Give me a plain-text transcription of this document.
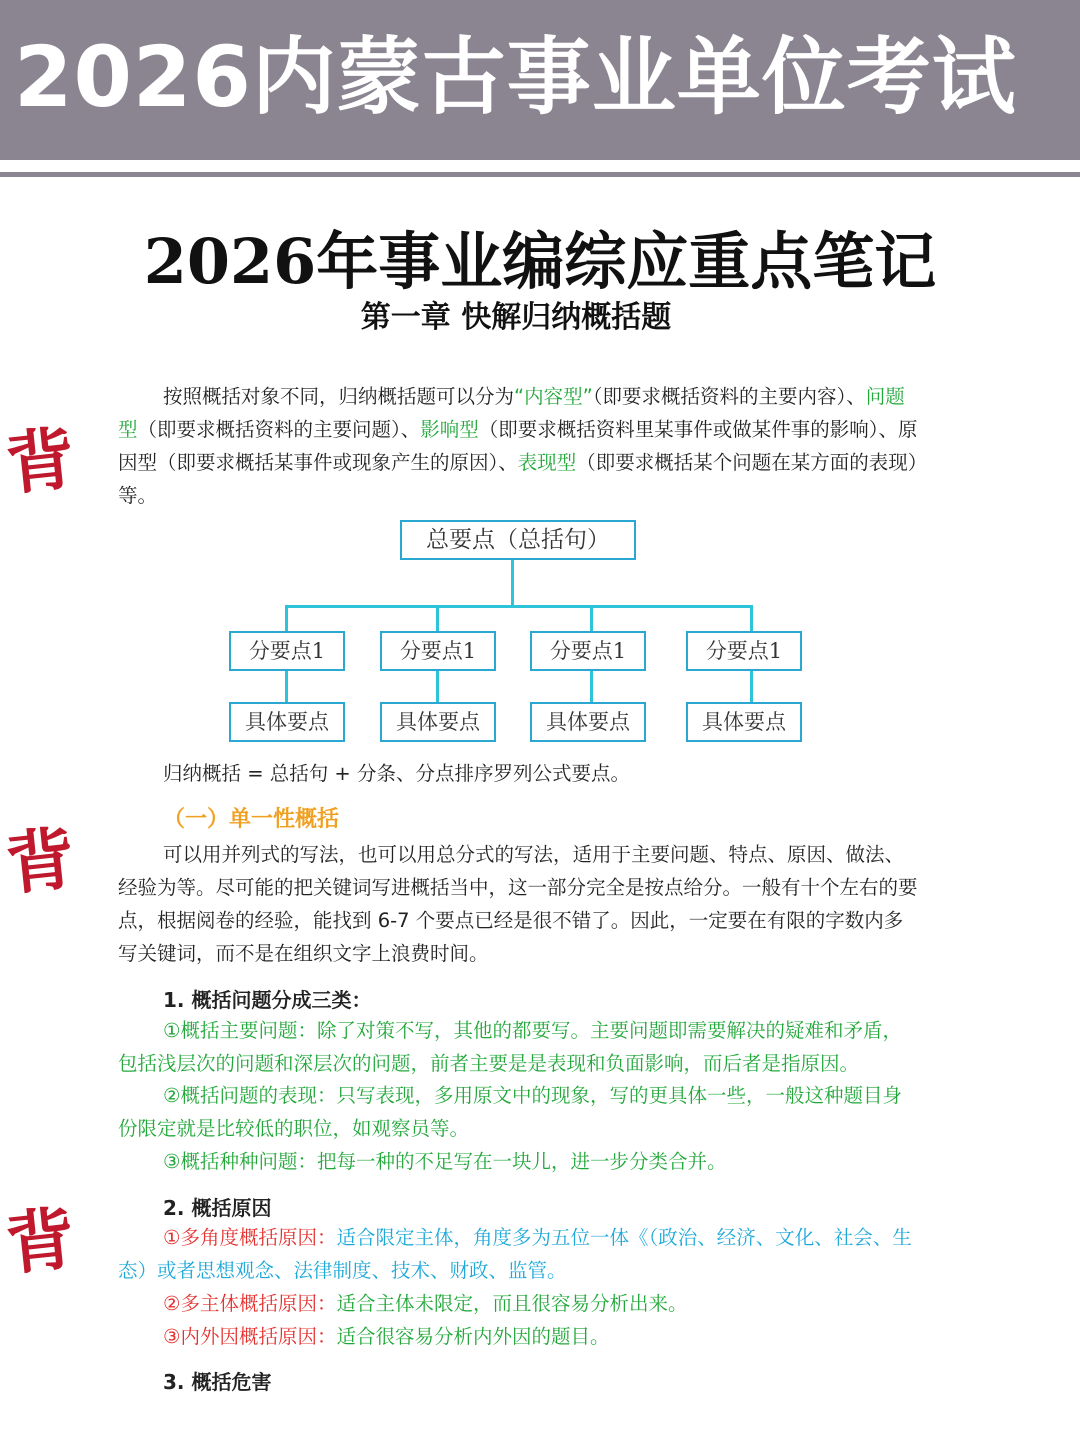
2026内蒙古事业单位考试
2026年事业编综应重点笔记
第一章 快解归纳概括题
背
背
背
按照概括对象不同，归纳概括题可以分为“内容型”（即要求概括资料的主要内容）、问题型（即要求概括资料的主要问题）、影响型（即要求概括资料里某事件或做某件事的影响）、原因型（即要求概括某事件或现象产生的原因）、表现型（即要求概括某个问题在某方面的表现）等。
总要点（总括句）
分要点1	分要点1	分要点1	分要点1
具体要点	具体要点	具体要点	具体要点
归纳概括 = 总括句 + 分条、分点排序罗列公式要点。
（一）单一性概括
可以用并列式的写法，也可以用总分式的写法，适用于主要问题、特点、原因、做法、经验为等。尽可能的把关键词写进概括当中，这一部分完全是按点给分。一般有十个左右的要点，根据阅卷的经验，能找到 6-7 个要点已经是很不错了。因此，一定要在有限的字数内多写关键词，而不是在组织文字上浪费时间。
1. 概括问题分成三类：
①概括主要问题：除了对策不写，其他的都要写。主要问题即需要解决的疑难和矛盾，包括浅层次的问题和深层次的问题，前者主要是是表现和负面影响，而后者是指原因。
②概括问题的表现：只写表现，多用原文中的现象，写的更具体一些，一般这种题目身份限定就是比较低的职位，如观察员等。
③概括种种问题：把每一种的不足写在一块儿，进一步分类合并。
2. 概括原因
①多角度概括原因：适合限定主体，角度多为五位一体《（政治、经济、文化、社会、生态）或者思想观念、法律制度、技术、财政、监管。
②多主体概括原因：适合主体未限定，而且很容易分析出来。
③内外因概括原因：适合很容易分析内外因的题目。
3. 概括危害
